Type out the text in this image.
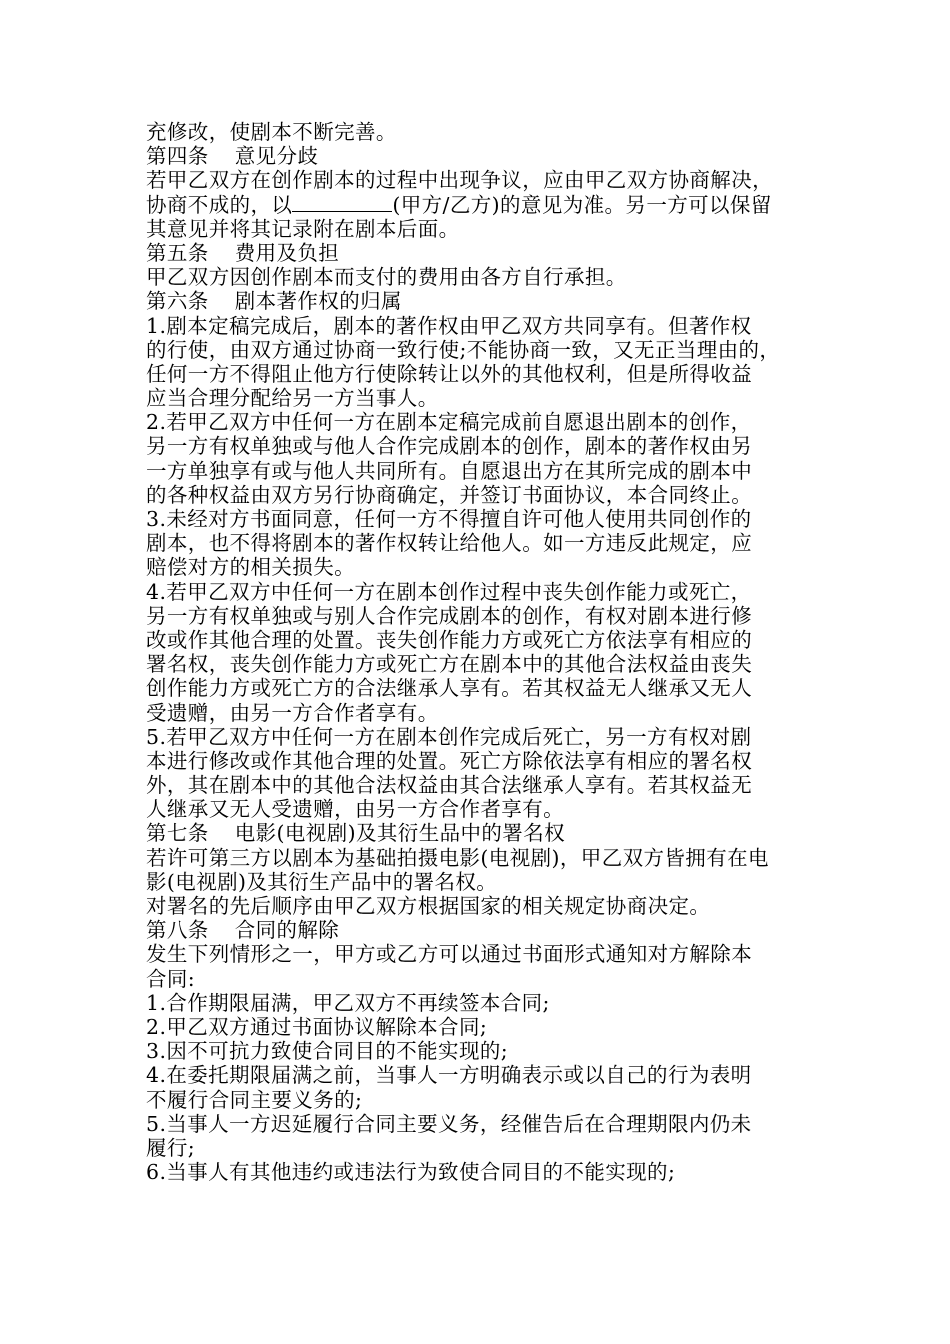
充修改，使剧本不断完善。
第四条 意见分歧
若甲乙双方在创作剧本的过程中出现争议，应由甲乙双方协商解决，
协商不成的，以	(甲方/乙方)的意见为准。另一方可以保留
其意见并将其记录附在剧本后面。
第五条 费用及负担
甲乙双方因创作剧本而支付的费用由各方自行承担。
第六条 剧本著作权的归属
1.剧本定稿完成后，剧本的著作权由甲乙双方共同享有。但著作权
的行使，由双方通过协商一致行使;不能协商一致，又无正当理由的，
任何一方不得阻止他方行使除转让以外的其他权利，但是所得收益
应当合理分配给另一方当事人。
2.若甲乙双方中任何一方在剧本定稿完成前自愿退出剧本的创作，
另一方有权单独或与他人合作完成剧本的创作，剧本的著作权由另
一方单独享有或与他人共同所有。自愿退出方在其所完成的剧本中
的各种权益由双方另行协商确定，并签订书面协议，本合同终止。
3.未经对方书面同意，任何一方不得擅自许可他人使用共同创作的
剧本，也不得将剧本的著作权转让给他人。如一方违反此规定，应
赔偿对方的相关损失。
4.若甲乙双方中任何一方在剧本创作过程中丧失创作能力或死亡，
另一方有权单独或与别人合作完成剧本的创作，有权对剧本进行修
改或作其他合理的处置。丧失创作能力方或死亡方依法享有相应的
署名权，丧失创作能力方或死亡方在剧本中的其他合法权益由丧失
创作能力方或死亡方的合法继承人享有。若其权益无人继承又无人
受遗赠，由另一方合作者享有。
5.若甲乙双方中任何一方在剧本创作完成后死亡，另一方有权对剧
本进行修改或作其他合理的处置。死亡方除依法享有相应的署名权
外，其在剧本中的其他合法权益由其合法继承人享有。若其权益无
人继承又无人受遗赠，由另一方合作者享有。
第七条 电影(电视剧)及其衍生品中的署名权
若许可第三方以剧本为基础拍摄电影(电视剧)，甲乙双方皆拥有在电
影(电视剧)及其衍生产品中的署名权。
对署名的先后顺序由甲乙双方根据国家的相关规定协商决定。
第八条 合同的解除
发生下列情形之一，甲方或乙方可以通过书面形式通知对方解除本
合同:
1.合作期限届满，甲乙双方不再续签本合同;
2.甲乙双方通过书面协议解除本合同;
3.因不可抗力致使合同目的不能实现的;
4.在委托期限届满之前，当事人一方明确表示或以自己的行为表明
不履行合同主要义务的;
5.当事人一方迟延履行合同主要义务，经催告后在合理期限内仍未
履行;
6.当事人有其他违约或违法行为致使合同目的不能实现的;
